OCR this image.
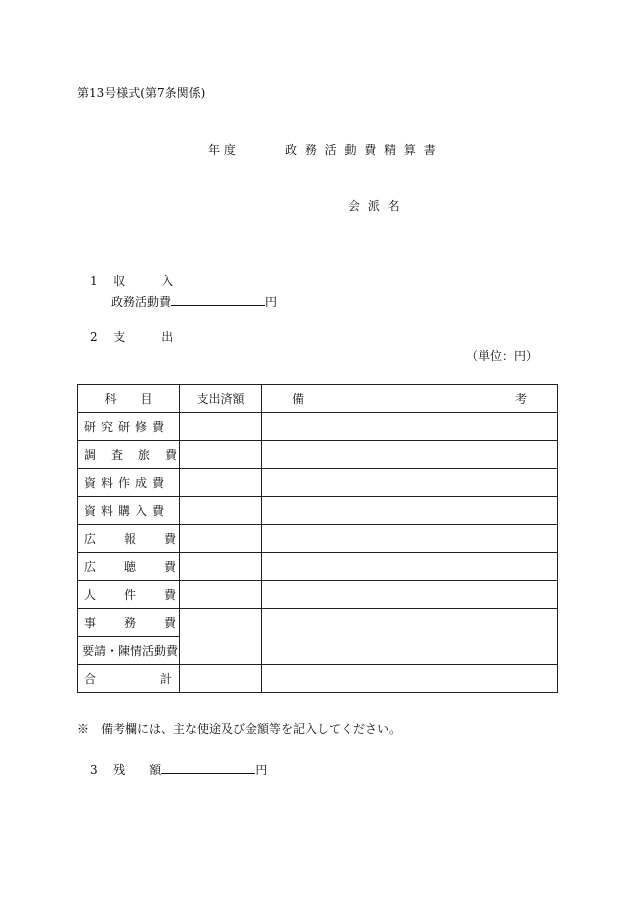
第13号様式(第7条関係)
年 度	政 務 活 動 費 精 算 書
会 派 名
1 収　　　入
政務活動費	円
2 支　　　出
（単位：円）
科　　目	支出済額	備 考

研究研修費		
調査旅費		
資料作成費		
資料購入費		
広報費		
広聴費		
人件費		
事務費		
要請・陳情活動費		
合計		
※　備考欄には、主な使途及び金額等を記入してください。
3 残　　額	円
